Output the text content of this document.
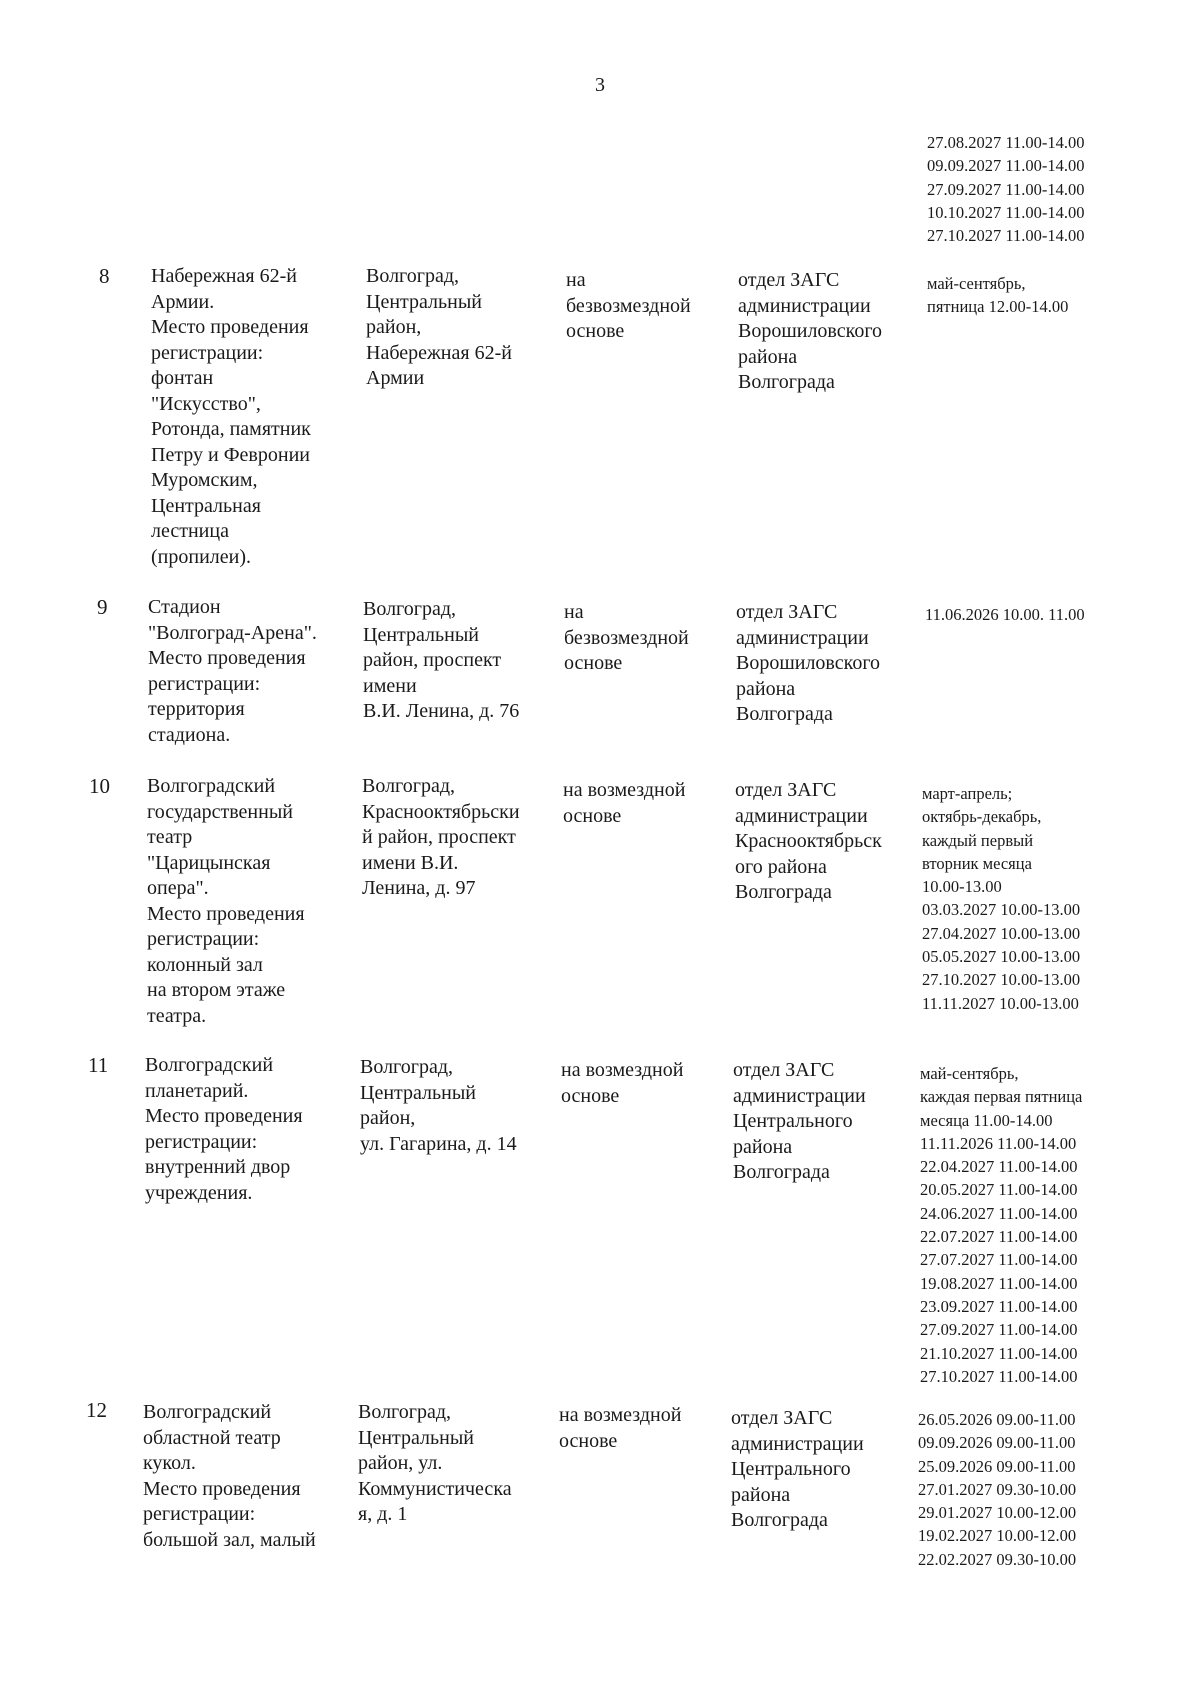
3
27.08.2027 11.00-14.00
09.09.2027 11.00-14.00
27.09.2027 11.00-14.00
10.10.2027 11.00-14.00
27.10.2027 11.00-14.00
8 Набережная 62-й
Армии.
Место проведения
регистрации:
фонтан
"Искусство",
Ротонда, памятник
Петру и Февронии
Муромским,
Центральная
лестница
(пропилеи).
Волгоград,
Центральный
район,
Набережная 62-й
Армии
на
безвозмездной
основе
отдел ЗАГС
администрации
Ворошиловского
района
Волгограда
май-сентябрь,
пятница 12.00-14.00
9 Стадион
"Волгоград-Арена".
Место проведения
регистрации:
территория
стадиона.
Волгоград,
Центральный
район, проспект
имени
В.И. Ленина, д. 76
на
безвозмездной
основе
отдел ЗАГС
администрации
Ворошиловского
района
Волгограда
11.06.2026 10.00. 11.00
10 Волгоградский
государственный
театр
"Царицынская
опера".
Место проведения
регистрации:
колонный зал
на втором этаже
театра.
Волгоград,
Краснооктябрьски
й район, проспект
имени В.И.
Ленина, д. 97
на возмездной
основе
отдел ЗАГС
администрации
Краснооктябрьск
ого района
Волгограда
март-апрель;
октябрь-декабрь,
каждый первый
вторник месяца
10.00-13.00
03.03.2027 10.00-13.00
27.04.2027 10.00-13.00
05.05.2027 10.00-13.00
27.10.2027 10.00-13.00
11.11.2027 10.00-13.00
11 Волгоградский
планетарий.
Место проведения
регистрации:
внутренний двор
учреждения.
Волгоград,
Центральный
район,
ул. Гагарина, д. 14
на возмездной
основе
отдел ЗАГС
администрации
Центрального
района
Волгограда
май-сентябрь,
каждая первая пятница
месяца 11.00-14.00
11.11.2026 11.00-14.00
22.04.2027 11.00-14.00
20.05.2027 11.00-14.00
24.06.2027 11.00-14.00
22.07.2027 11.00-14.00
27.07.2027 11.00-14.00
19.08.2027 11.00-14.00
23.09.2027 11.00-14.00
27.09.2027 11.00-14.00
21.10.2027 11.00-14.00
27.10.2027 11.00-14.00
12 Волгоградский
областной театр
кукол.
Место проведения
регистрации:
большой зал, малый
Волгоград,
Центральный
район, ул.
Коммунистическа
я, д. 1
на возмездной
основе
отдел ЗАГС
администрации
Центрального
района
Волгограда
26.05.2026 09.00-11.00
09.09.2026 09.00-11.00
25.09.2026 09.00-11.00
27.01.2027 09.30-10.00
29.01.2027 10.00-12.00
19.02.2027 10.00-12.00
22.02.2027 09.30-10.00
